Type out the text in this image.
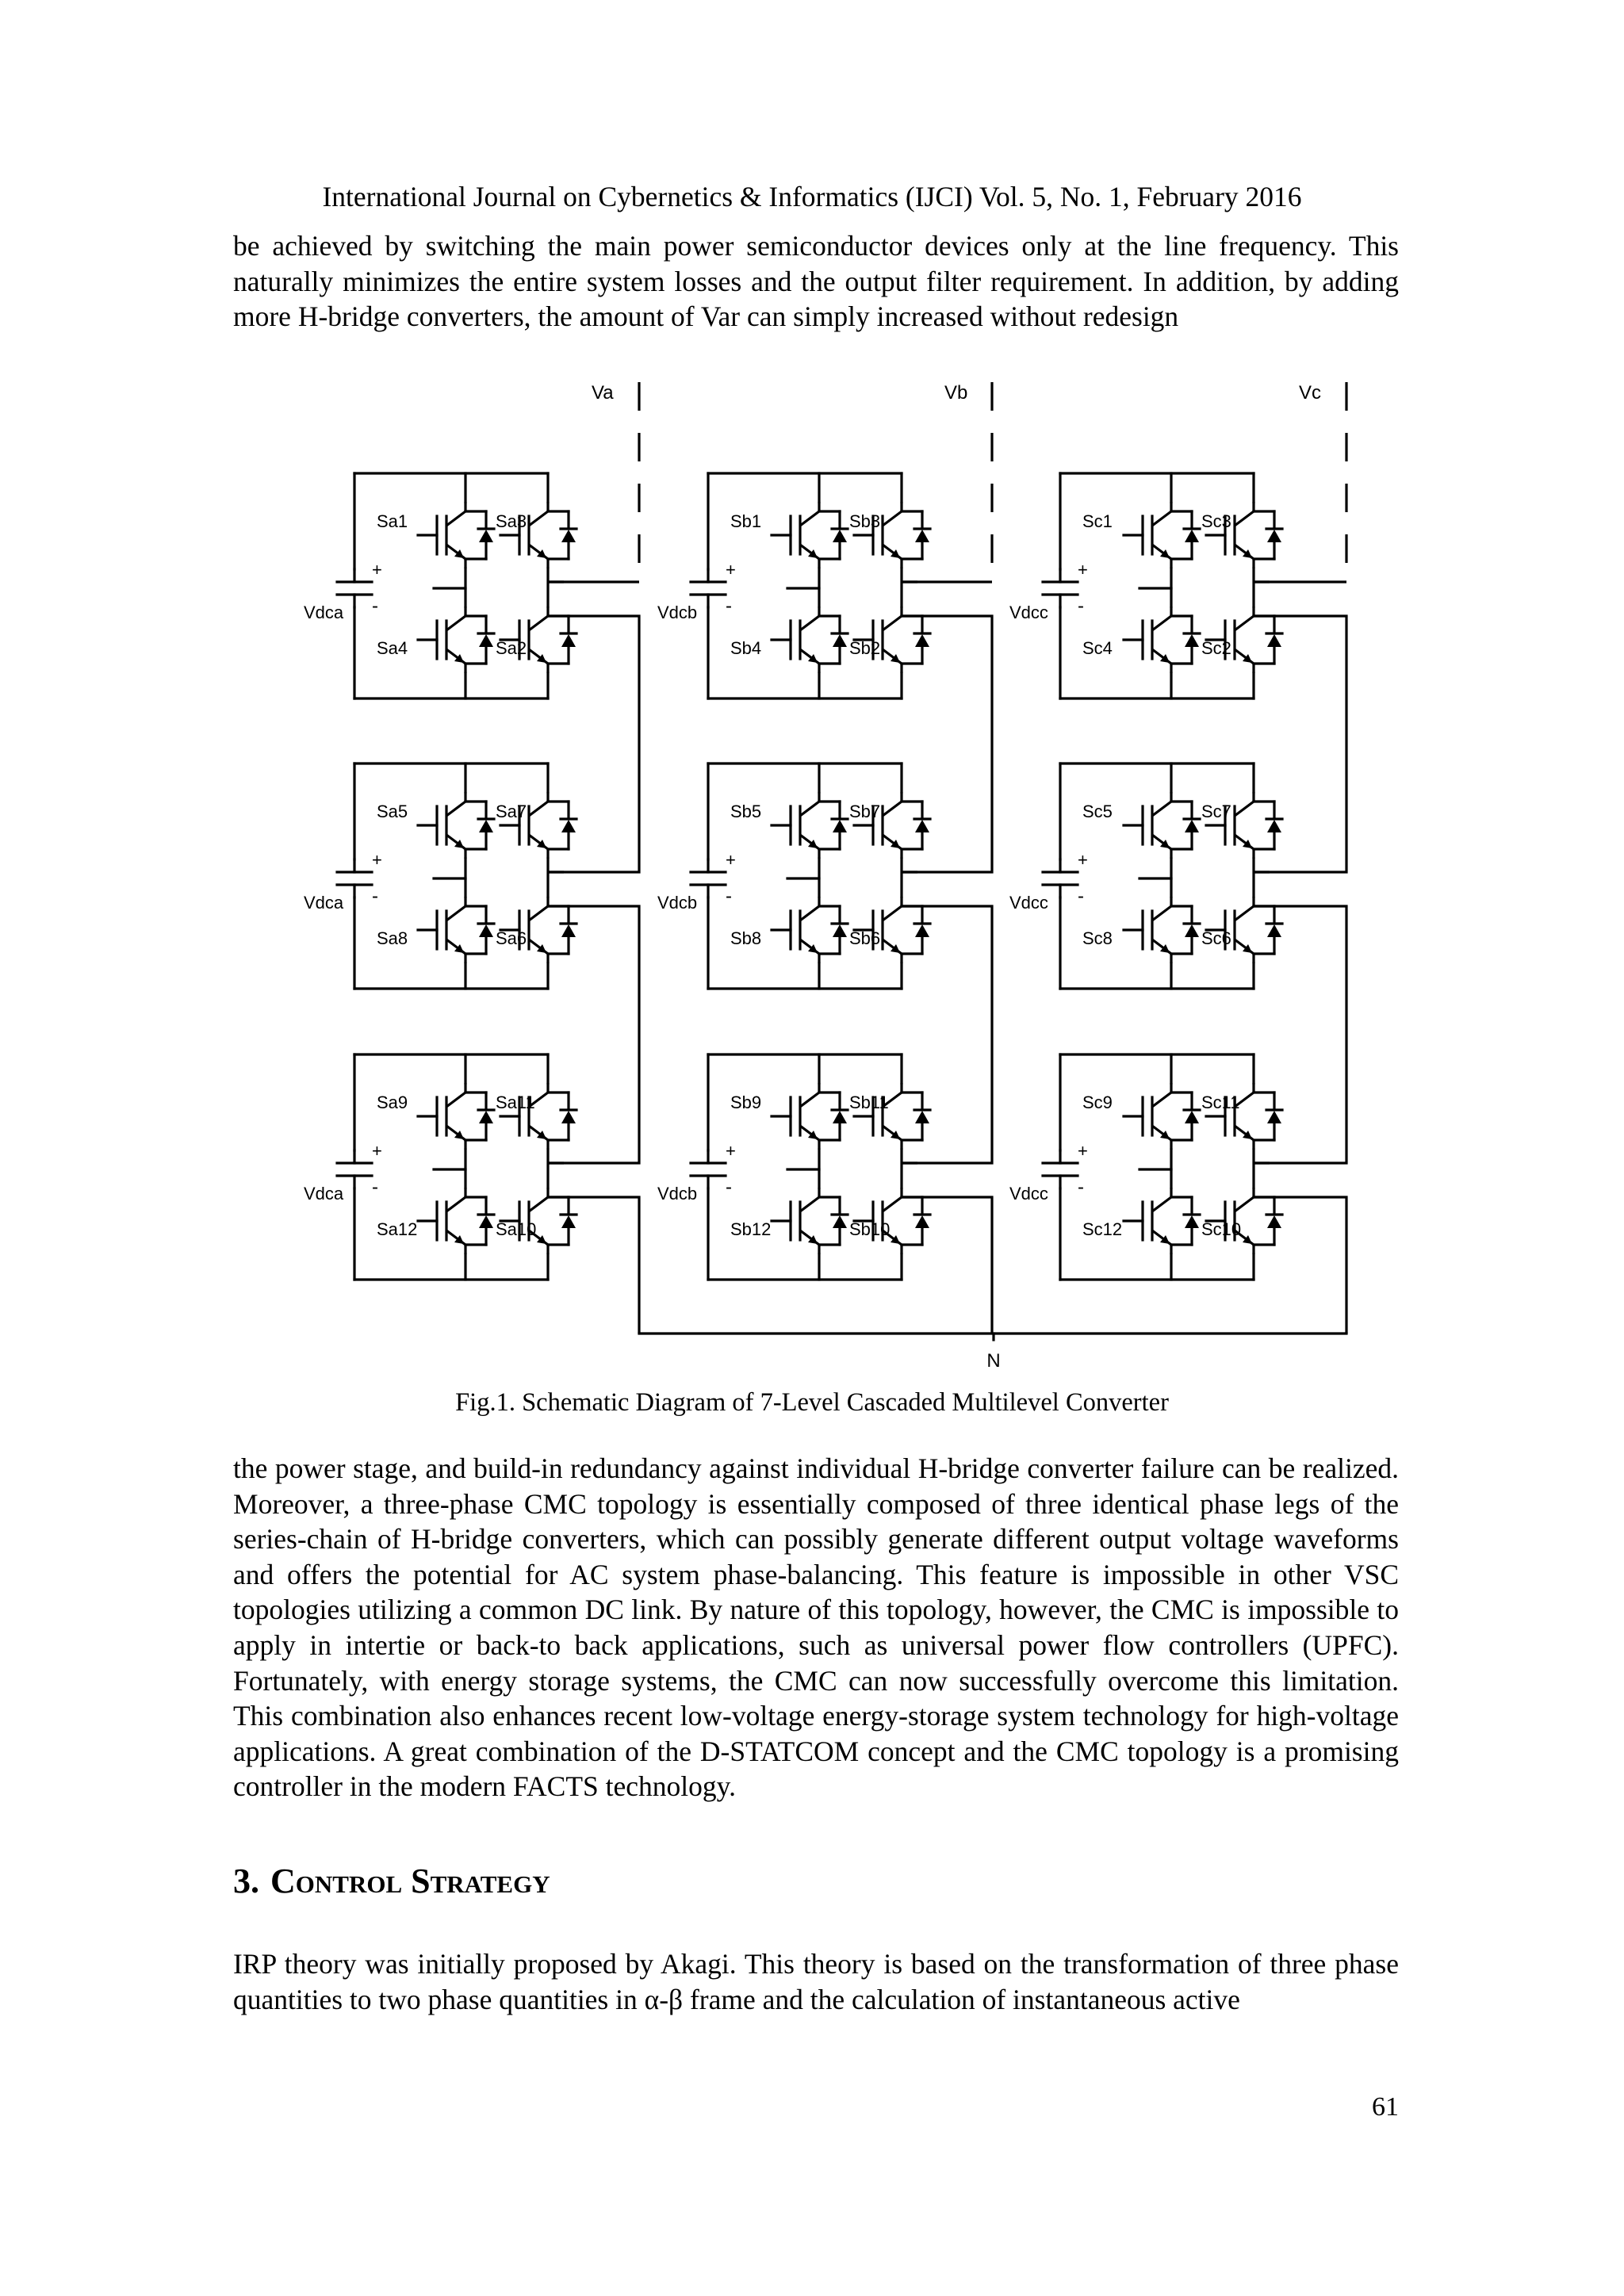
International Journal on Cybernetics & Informatics (IJCI) Vol. 5, No. 1, February 2016
be achieved by switching the main power semiconductor devices only at the line frequency. This naturally minimizes the entire system losses and the output filter requirement. In addition, by adding more H-bridge converters, the amount of Var can simply increased without redesign
+
-
Vdca
Sa1	Sa3
Sa4	Sa2
+
-
Vdca
Sa5	Sa7
Sa8	Sa6
+
-
Vdca
Sa9	Sa11
Sa12	Sa10
Va
+
-
Vdcb
Sb1	Sb3
Sb4	Sb2
+
-
Vdcb
Sb5	Sb7
Sb8	Sb6
+
-
Vdcb
Sb9	Sb11
Sb12	Sb10
Vb
+
-
Vdcc
Sc1	Sc3
Sc4	Sc2
+
-
Vdcc
Sc5	Sc7
Sc8	Sc6
+
-
Vdcc
Sc9	Sc11
Sc12	Sc10
Vc
N
Fig.1. Schematic Diagram of 7-Level Cascaded Multilevel Converter
the power stage, and build-in redundancy against individual H-bridge converter failure can be realized. Moreover, a three-phase CMC topology is essentially composed of three identical phase legs of the series-chain of H-bridge converters, which can possibly generate different output voltage waveforms and offers the potential for AC system phase-balancing. This feature is impossible in other VSC topologies utilizing a common DC link. By nature of this topology, however, the CMC is impossible to apply in intertie or back-to back applications, such as universal power flow controllers (UPFC). Fortunately, with energy storage systems, the CMC can now successfully overcome this limitation. This combination also enhances recent low-voltage energy-storage system technology for high-voltage applications. A great combination of the D-STATCOM concept and the CMC topology is a promising controller in the modern FACTS technology.
3. Control Strategy
IRP theory was initially proposed by Akagi. This theory is based on the transformation of three phase quantities to two phase quantities in α-β frame and the calculation of instantaneous active
61
